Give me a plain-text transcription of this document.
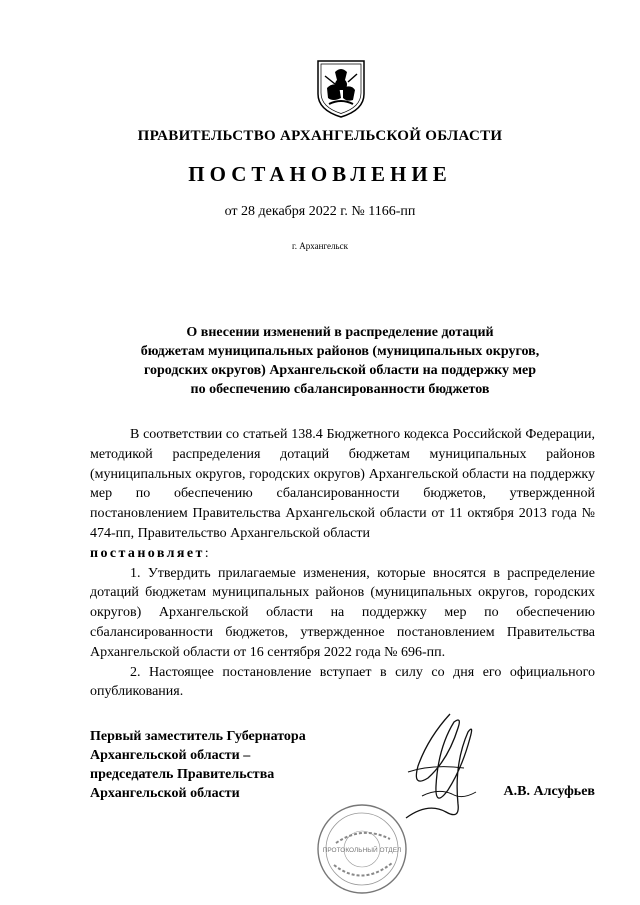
ПРАВИТЕЛЬСТВО АРХАНГЕЛЬСКОЙ ОБЛАСТИ
ПОСТАНОВЛЕНИЕ
от 28 декабря 2022 г. № 1166-пп
г. Архангельск
О внесении изменений в распределение дотаций
бюджетам муниципальных районов (муниципальных округов,
городских округов) Архангельской области на поддержку мер
по обеспечению сбалансированности бюджетов

В соответствии со статьей 138.4 Бюджетного кодекса Российской Федерации, методикой распределения дотаций бюджетам муниципальных районов (муниципальных округов, городских округов) Архангельской области на поддержку мер по обеспечению сбалансированности бюджетов, утвержденной постановлением Правительства Архангельской области от 11 октября 2013 года № 474-пп, Правительство Архангельской области
постановляет:

1. Утвердить прилагаемые изменения, которые вносятся в распределение дотаций бюджетам муниципальных районов (муниципальных округов, городских округов) Архангельской области на поддержку мер по обеспечению сбалансированности бюджетов, утвержденное постановлением Правительства Архангельской области от 16 сентября 2022 года № 696-пп.

2. Настоящее постановление вступает в силу со дня его официального опубликования.

Первый заместитель Губернатора
Архангельской области –
председатель Правительства
Архангельской области	А.В. Алсуфьев
ПРОТОКОЛЬНЫЙ ОТДЕЛ
